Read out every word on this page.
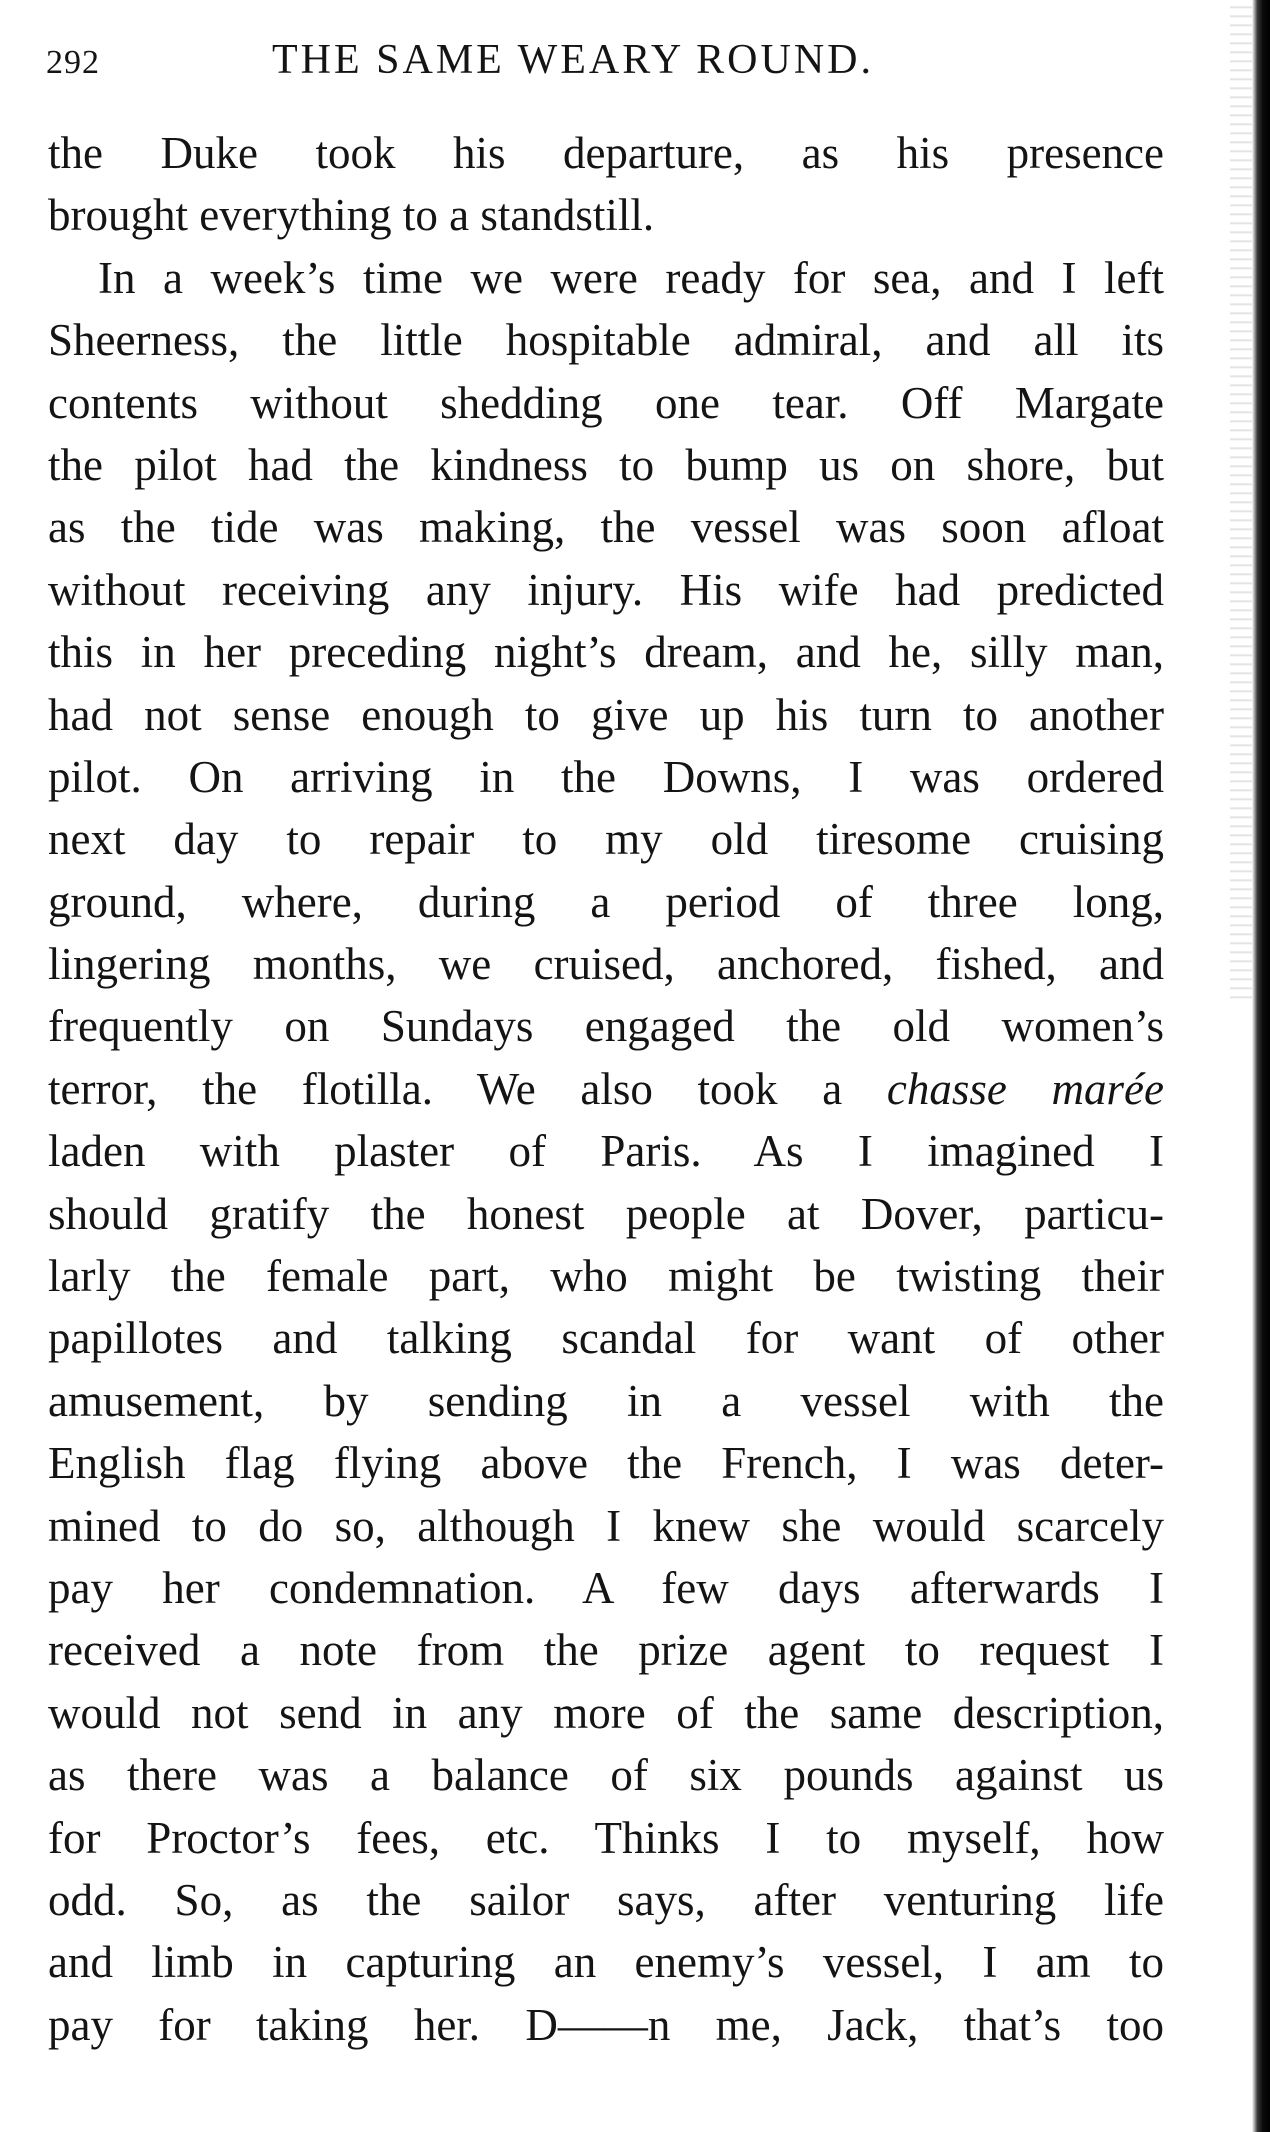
292	THE SAME WEARY ROUND.
the Duke took his departure, as his presence
brought everything to a standstill.
In a week’s time we were ready for sea, and I left
Sheerness, the little hospitable admiral, and all its
contents without shedding one tear. Off Margate
the pilot had the kindness to bump us on shore, but
as the tide was making, the vessel was soon afloat
without receiving any injury. His wife had predicted
this in her preceding night’s dream, and he, silly man,
had not sense enough to give up his turn to another
pilot. On arriving in the Downs, I was ordered
next day to repair to my old tiresome cruising
ground, where, during a period of three long,
lingering months, we cruised, anchored, fished, and
frequently on Sundays engaged the old women’s
terror, the flotilla. We also took a chasse marée
laden with plaster of Paris. As I imagined I
should gratify the honest people at Dover, particu-
larly the female part, who might be twisting their
papillotes and talking scandal for want of other
amusement, by sending in a vessel with the
English flag flying above the French, I was deter-
mined to do so, although I knew she would scarcely
pay her condemnation. A few days afterwards I
received a note from the prize agent to request I
would not send in any more of the same description,
as there was a balance of six pounds against us
for Proctor’s fees, etc. Thinks I to myself, how
odd. So, as the sailor says, after venturing life
and limb in capturing an enemy’s vessel, I am to
pay for taking her. D——n me, Jack, that’s too
